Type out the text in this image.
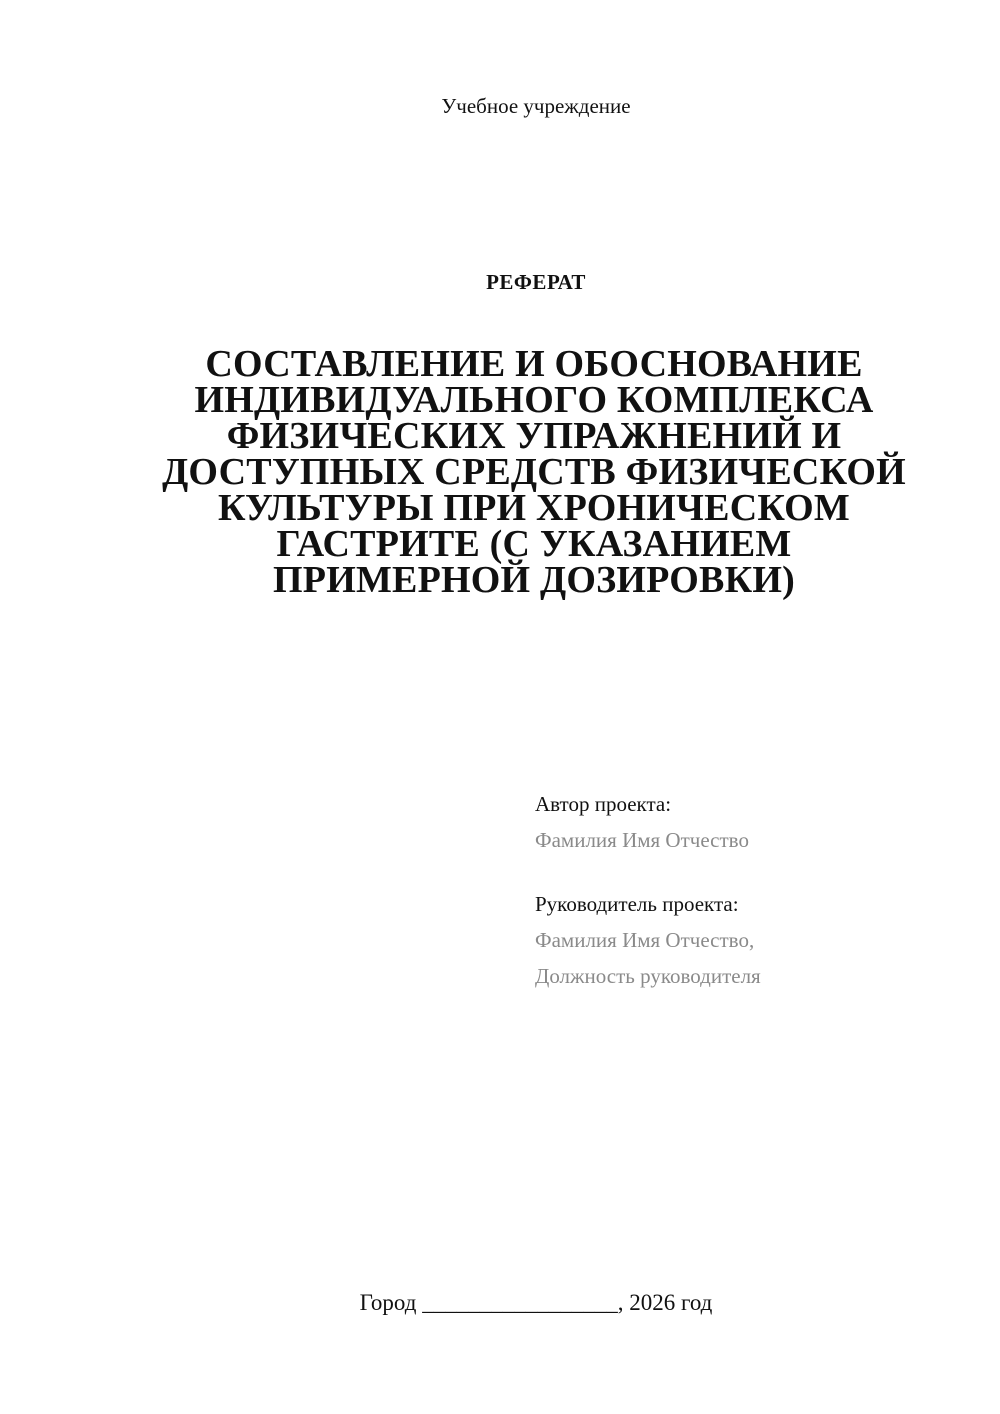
Учебное учреждение
РЕФЕРАТ
СОСТАВЛЕНИЕ И ОБОСНОВАНИЕ
ИНДИВИДУАЛЬНОГО КОМПЛЕКСА
ФИЗИЧЕСКИХ УПРАЖНЕНИЙ И
ДОСТУПНЫХ СРЕДСТВ ФИЗИЧЕСКОЙ
КУЛЬТУРЫ ПРИ ХРОНИЧЕСКОМ
ГАСТРИТЕ (С УКАЗАНИЕМ
ПРИМЕРНОЙ ДОЗИРОВКИ)
Автор проекта:
Фамилия Имя Отчество
Руководитель проекта:
Фамилия Имя Отчество,
Должность руководителя
Город _________________, 2026 год
